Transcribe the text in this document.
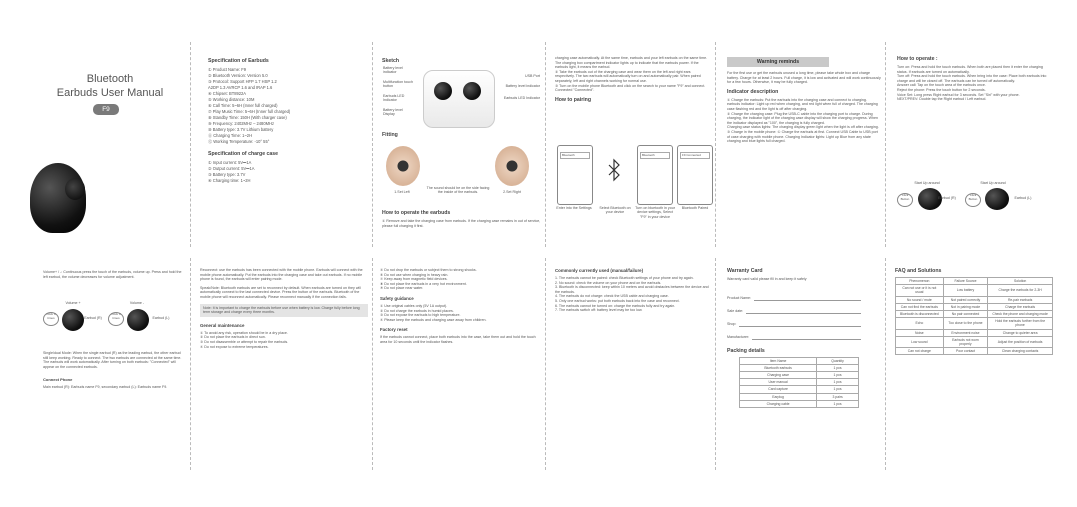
Bluetooth
Earbuds User Manual
F9
Specification of Earbuds
① Product Name: F9
② Bluetooth Version: Version 5.0
③ Protocol: Support HFP 1.7 HSP 1.2
A2DP 1.3 AVRCP 1.6 and IRAP 1.6
④ Chipset: BT8922A
⑤ Working distance: 10M
⑥ Call Time: 5~6H (Inner full charged)
⑦ Play Music Time: 5~6H (Inner full charged)
⑧ Standby Time: 150H (With charger case)
⑨ Frequency: 2402MHz – 2480MHz
⑩ Battery type: 3.7V Lithium battery
⑪ Charging Time: 1~2H
⑫ Working Temperature: -10° 55°
Specification of charge case
① Input current: 5V⎓1A
② Output current: 5V⎓1A
③ Battery type: 3.7V
④ Charging time: 1~2H
Sketch
Battery level indicator
Multifunction touch button
Earbuds LED Indicator
Battery level Display
USB Port
Battery level indicator
Earbuds LED Indicator
Fitting
1.Set Left
The sound should be on the side facing the inside of the earbuds.	2.Set Right
How to operate the earbuds
① Remove and take the charging case from earbuds. If the charging case remains in out of service, please full charging it first.
charging case automatically. At the same time, earbuds and your left earbuds on the same time. The charging box compartment indicator lights up to indicate that the earbuds power. If the earbuds light, it means the earbud.
② Take the earbuds out of the charging case and wear them on the left and right ears respectively. The two earbuds will automatically turn on and automatically pair. When paired separately, left and right channels working for normal use.
③ Turn on the mobile phone Bluetooth and click on the search to your name "F9" and connect. Connected "Connected".
How to pairing
Bluetooth	Bluetooth	F9 Connected
Enter into the Settings	Select Bluetooth on your device
Turn on bluetooth in your device settings, Select "F9" in your device
Bluetooth Paired
Warning reminds
For the first use or get the earbuds unused a long time, please take whole box and charge battery. Charge for at least 2 hours. Full charge, it is low and activated and will work continuously for a few hours. Otherwise, it may be fully charged.
Indicator description
① Charge the earbuds: Put the earbuds into the charging case and connect to charging.
earbuds indicator: Light up red when charging, and red light when full of charged. The charging case flashing red and the light is off after charging.
② Charge the charging case: Plug the USB-C cable into the charging port to charge. During charging, the indicator light of the charging case display will show the charging progress. When the indicator displayed as "100", the charging is fully charged.
Charging case status lights: The charging display green light when the light is off after charging.
③ Charge in the mobile phone: ① Charge the earbuds at first. Connect USB Cable to USB port of case charging with mobile phone. Charging Indicator lights: Light up Blue from any state charging and blue lights full charged.
How to operate :
Turn on: Press and hold the touch earbuds. When both are placed then it enter the charging status. If earbuds are turned on automatically.
Turn off: Press and hold the touch earbuds. When bring into the case: Place both earbuds into charge and will be closed off. The earbuds can be turned off automatically.
Answer call: Tap on the touch area of the earbuds once.
Reject the phone: Press the touch button for 2 seconds.
Voice Set: Long press Right earbud for 3 seconds. Set "Siri" with your phone.
NEXT/PREV: Double tap the Right earbud / Left earbud.
Start Up around
Earbud (R)
Click Button
Start Up around
Earbud (L)
Click Button
Volume+ / -: Continuous press the touch of the earbuds, volume up. Press and hold the left earbud, the volume decreases for volume adjustment.
Volume +
Earbud (R)
Click 3 times
Volume -
Earbud (L)
Click 3 times
Single/dual Mode: When the single earbud (R) as the leading earbud, the other earbud still keep working. Ready to connect. The two earbuds are connected at the same time. The earbuds will work automatically. After turning on both earbuds: "Connected" will appear on the connected earbuds.
Connect Phone
Main earbud (R): Earbuds name F9, secondary earbud (L): Earbuds name F9.
Reconnect: use the earbuds has been connected with the mobile phone. Earbuds will connect with the mobile phone automatically. Put the earbuds into the charging case and take out earbuds. If no mobile phone is found, the earbuds will enter pairing mode.
Speak/Note: Bluetooth earbuds are set to reconnect by default. When earbuds are turned on they will automatically connect to the last connected device. Press the button of the earbuds. Bluetooth of the mobile phone will reconnect automatically. Please reconnect manually if the connection fails.
Note: It is important to charge the earbuds before use when battery is low. Charge fully before long term storage and charge every three months.
General maintenance
① To avoid any risk, operation should be in a dry place.
② Do not place the earbuds in direct sun.
③ Do not disassemble or attempt to repair the earbuds.
④ Do not expose to extreme temperatures.
⑤ Do not drop the earbuds or subject them to strong shocks.
⑥ Do not use when charging in heavy rain.
⑦ Keep away from magnetic field devices.
⑧ Do not place the earbuds in a very hot environment.
⑨ Do not place near water.
Safety guidance
① Use original cables only (5V 1A output).
② Do not charge the earbuds in humid places.
③ Do not expose the earbuds to high temperature.
④ Please keep the earbuds and charging case away from children.
Factory reset
If the earbuds cannot connect, place both earbuds into the case, take them out and hold the touch area for 10 seconds until the indicator flashes.
Commonly currently used (manual/failure)
1. The earbuds cannot be paired: check Bluetooth settings of your phone and try again.
2. No sound: check the volume on your phone and on the earbuds.
3. Bluetooth is disconnected: keep within 10 meters and avoid obstacles between the device and the earbuds.
4. The earbuds do not charge: check the USB cable and charging case.
5. Only one earbud works: put both earbuds back into the case and reconnect.
6. The earbuds cannot be turned on: charge the earbuds fully and try again.
7. The earbuds switch off: battery level may be too low.
Warranty Card
Warranty card valid please fill in and keep it safely
Product Name:
Sale date:
Shop:
Manufacturer:
Packing details
Item Name	Quantity
Bluetooth earbuds	1 pcs
Charging case	1 pcs
User manual	1 pcs
Card capture	1 pcs
Earplug	3 pairs
Charging cable	1 pcs
FAQ and Solutions
Phenomenon	Failure Source	Solution
Can not use or it is not usual	Low battery	Charge the earbuds for 2-3H
No sound / mute	Not paired correctly	Re-pair earbuds
Can not find the earbuds	Not in pairing mode	Charge the earbuds
Bluetooth is disconnected	No pair connected	Check the phone and charging mode
Echo	Too close to the phone	Hold the earbuds further from the phone
Noise	Environment noise	Change to quieter area
Low sound	Earbuds not worn properly	Adjust the position of earbuds
Can not charge	Poor contact	Clean charging contacts
